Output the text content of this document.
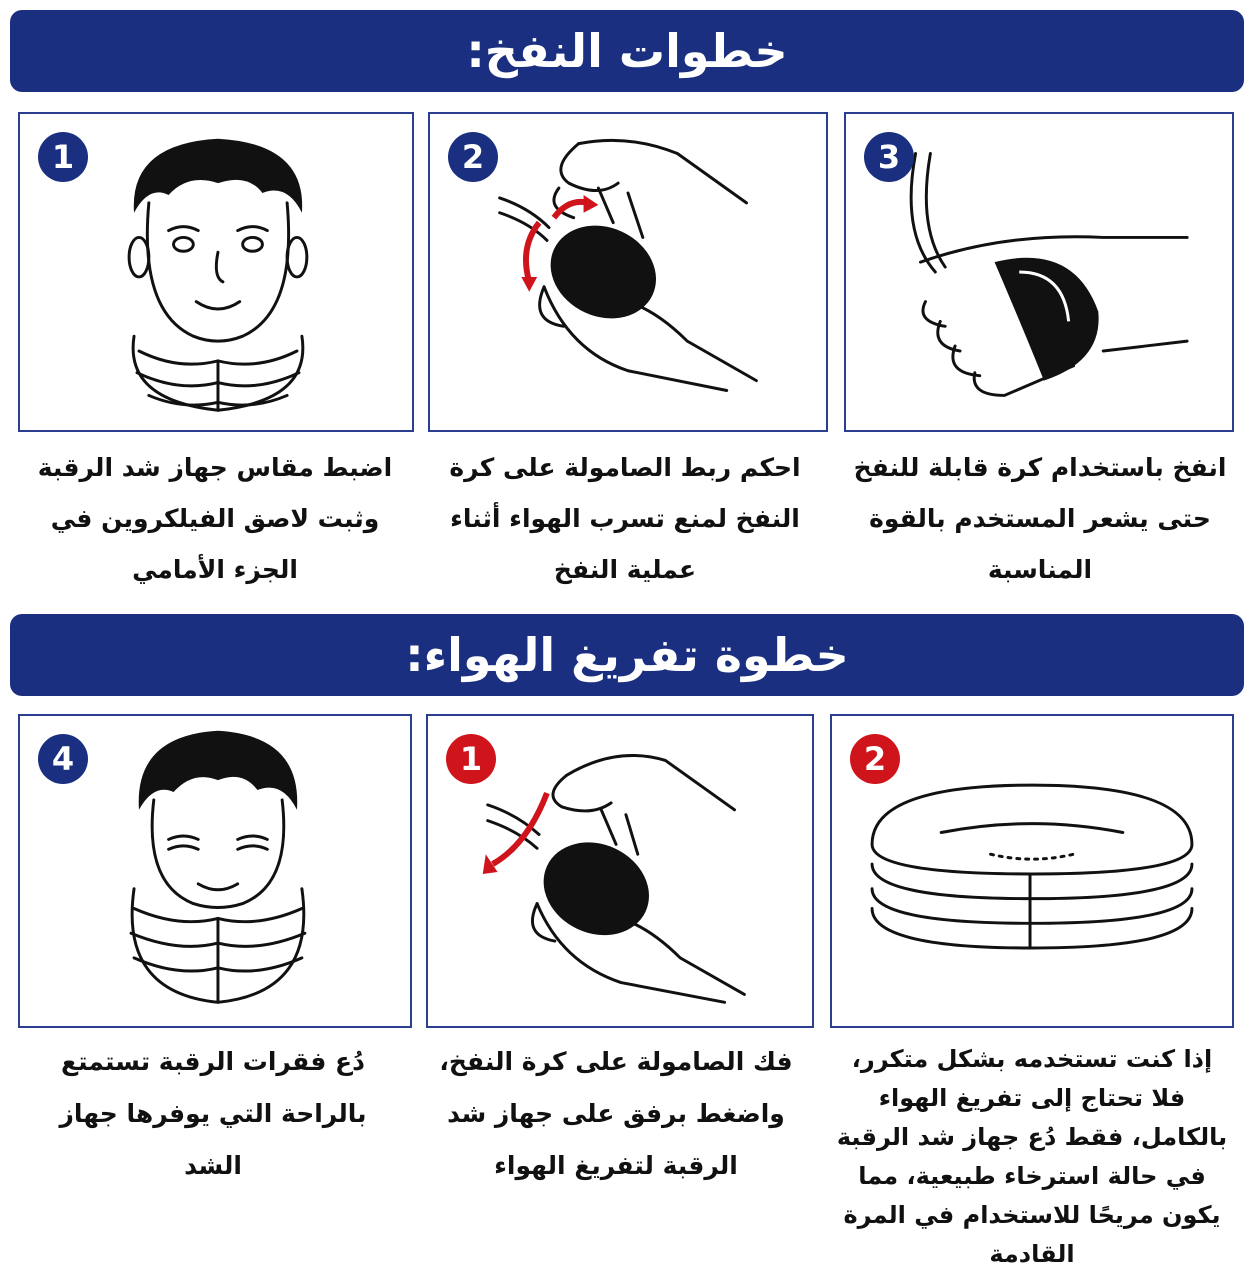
خطوات النفخ:
1	2	3
اضبط مقاس جهاز شد الرقبة وثبت لاصق الفيلكروين في الجزء الأمامي
احكم ربط الصامولة على كرة النفخ لمنع تسرب الهواء أثناء عملية النفخ
انفخ باستخدام كرة قابلة للنفخ حتى يشعر المستخدم بالقوة المناسبة
خطوة تفريغ الهواء:
4	1	2
دُع فقرات الرقبة تستمتع بالراحة التي يوفرها جهاز الشد
فك الصامولة على كرة النفخ، واضغط برفق على جهاز شد الرقبة لتفريغ الهواء
إذا كنت تستخدمه بشكل متكرر، فلا تحتاج إلى تفريغ الهواء بالكامل، فقط دُع جهاز شد الرقبة في حالة استرخاء طبيعية، مما يكون مريحًا للاستخدام في المرة القادمة
